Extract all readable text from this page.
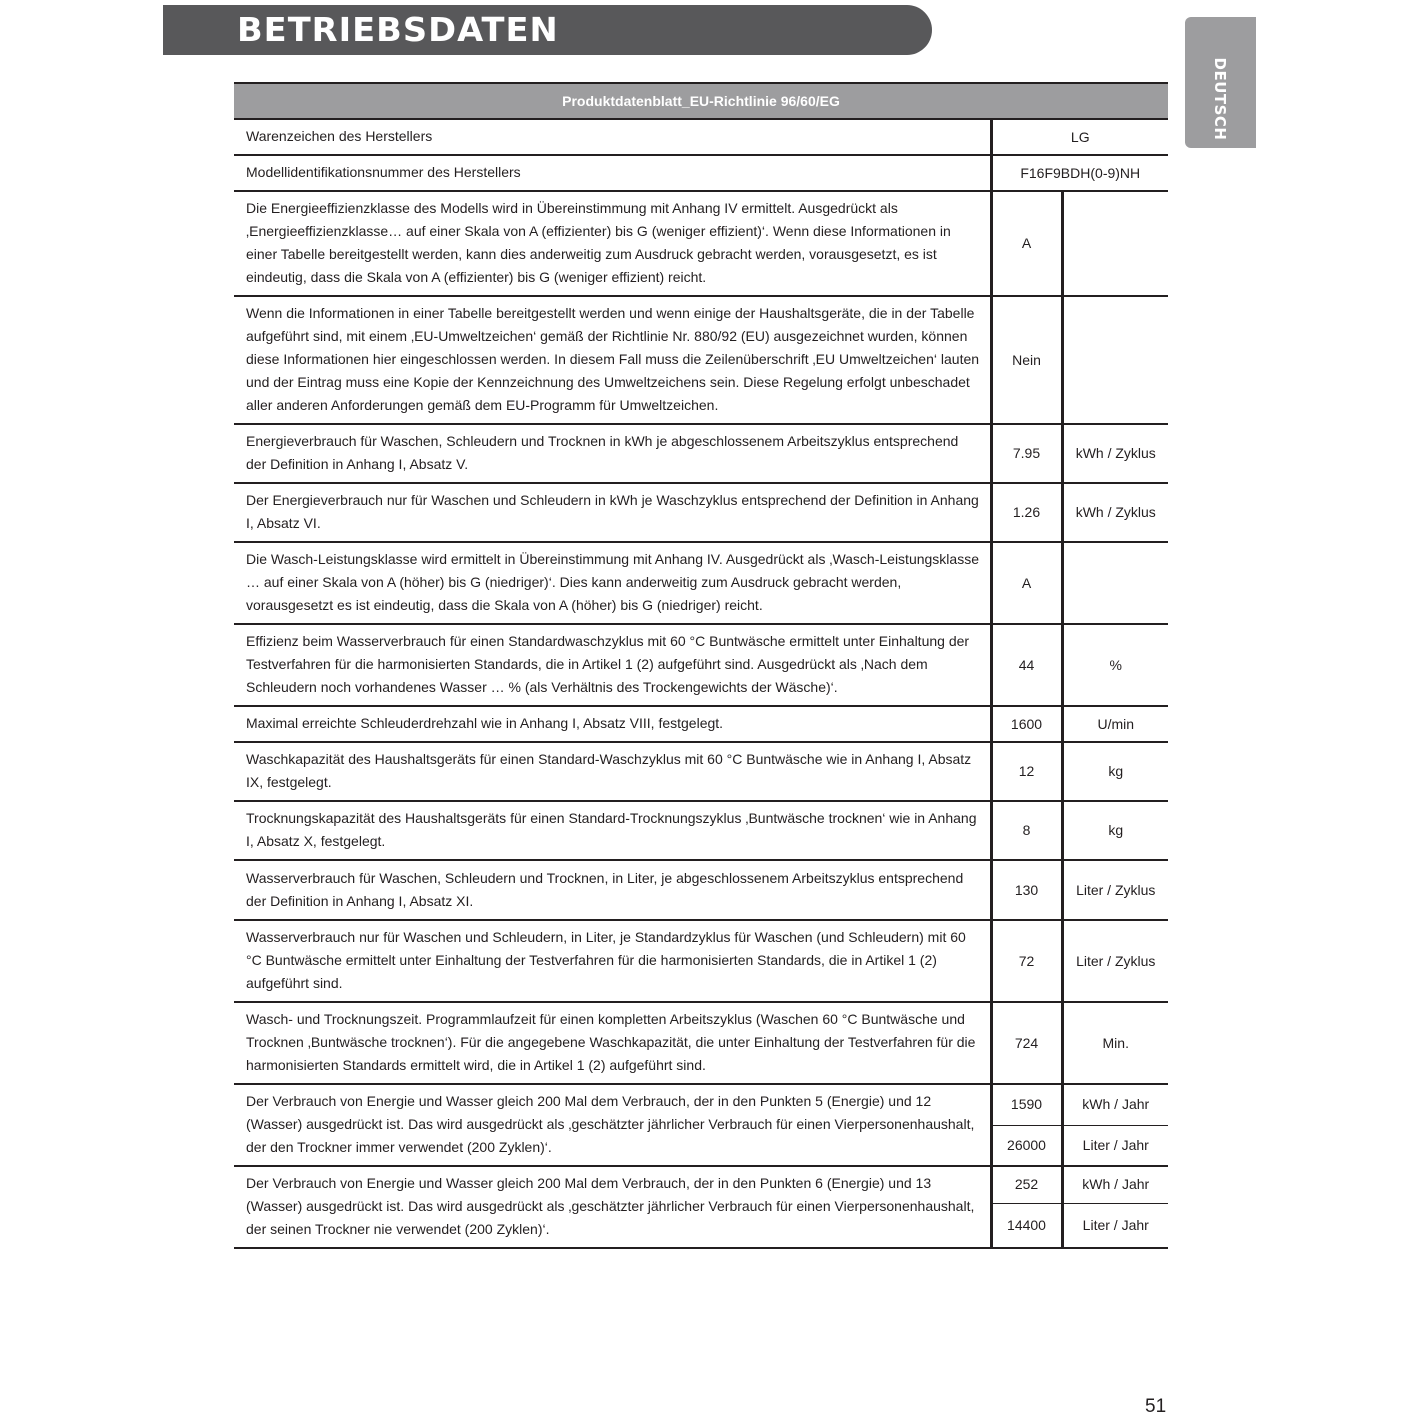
BETRIEBSDATEN
DEUTSCH
Produktdatenblatt_EU-Richtlinie 96/60/EG		
Warenzeichen des Herstellers	LG	
Modellidentifikationsnummer des Herstellers	F16F9BDH(0-9)NH	
Die Energieeffizienzklasse des Modells wird in Übereinstimmung mit Anhang IV ermittelt. Ausgedrückt als ‚Energieeffizienzklasse… auf einer Skala von A (effizienter) bis G (weniger effizient)‘. Wenn diese Informationen in einer Tabelle bereitgestellt werden, kann dies anderweitig zum Ausdruck gebracht werden, vorausgesetzt, es ist eindeutig, dass die Skala von A (effizienter) bis G (weniger effizient) reicht.	A	
Wenn die Informationen in einer Tabelle bereitgestellt werden und wenn einige der Haushaltsgeräte, die in der Tabelle aufgeführt sind, mit einem ‚EU-Umweltzeichen‘ gemäß der Richtlinie Nr. 880/92 (EU) ausgezeichnet wurden, können diese Informationen hier eingeschlossen werden. In diesem Fall muss die Zeilenüberschrift ‚EU Umweltzeichen‘ lauten und der Eintrag muss eine Kopie der Kennzeichnung des Umweltzeichens sein. Diese Regelung erfolgt unbeschadet aller anderen Anforderungen gemäß dem EU-Programm für Umweltzeichen.	Nein	
Energieverbrauch für Waschen, Schleudern und Trocknen in kWh je abgeschlossenem Arbeitszyklus entsprechend der Definition in Anhang I, Absatz V.	7.95	kWh / Zyklus
Der Energieverbrauch nur für Waschen und Schleudern in kWh je Waschzyklus entsprechend der Definition in Anhang I, Absatz VI.	1.26	kWh / Zyklus
Die Wasch-Leistungsklasse wird ermittelt in Übereinstimmung mit Anhang IV. Ausgedrückt als ‚Wasch-Leistungsklasse … auf einer Skala von A (höher) bis G (niedriger)‘. Dies kann anderweitig zum Ausdruck gebracht werden, vorausgesetzt es ist eindeutig, dass die Skala von A (höher) bis G (niedriger) reicht.	A	
Effizienz beim Wasserverbrauch für einen Standardwaschzyklus mit 60 °C Buntwäsche ermittelt unter Einhaltung der Testverfahren für die harmonisierten Standards, die in Artikel 1 (2) aufgeführt sind. Ausgedrückt als ‚Nach dem Schleudern noch vorhandenes Wasser … % (als Verhältnis des Trockengewichts der Wäsche)‘.	44	%
Maximal erreichte Schleuderdrehzahl wie in Anhang I, Absatz VIII, festgelegt.	1600	U/min
Waschkapazität des Haushaltsgeräts für einen Standard-Waschzyklus mit 60 °C Buntwäsche wie in Anhang I, Absatz IX, festgelegt.	12	kg
Trocknungskapazität des Haushaltsgeräts für einen Standard-Trocknungszyklus ‚Buntwäsche trocknen‘ wie in Anhang I, Absatz X, festgelegt.	8	kg
Wasserverbrauch für Waschen, Schleudern und Trocknen, in Liter, je abgeschlossenem Arbeitszyklus entsprechend der Definition in Anhang I, Absatz XI.	130	Liter / Zyklus
Wasserverbrauch nur für Waschen und Schleudern, in Liter, je Standardzyklus für Waschen (und Schleudern) mit 60 °C Buntwäsche ermittelt unter Einhaltung der Testverfahren für die harmonisierten Standards, die in Artikel 1 (2) aufgeführt sind.	72	Liter / Zyklus
Wasch- und Trocknungszeit. Programmlaufzeit für einen kompletten Arbeitszyklus (Waschen 60 °C Buntwäsche und Trocknen ‚Buntwäsche trocknen‘). Für die angegebene Waschkapazität, die unter Einhaltung der Testverfahren für die harmonisierten Standards ermittelt wird, die in Artikel 1 (2) aufgeführt sind.	724	Min.
Der Verbrauch von Energie und Wasser gleich 200 Mal dem Verbrauch, der in den Punkten 5 (Energie) und 12 (Wasser) ausgedrückt ist. Das wird ausgedrückt als ‚geschätzter jährlicher Verbrauch für einen Vierpersonenhaushalt, der den Trockner immer verwendet (200 Zyklen)‘.	1590	kWh / Jahr
	26000	Liter / Jahr
Der Verbrauch von Energie und Wasser gleich 200 Mal dem Verbrauch, der in den Punkten 6 (Energie) und 13 (Wasser) ausgedrückt ist. Das wird ausgedrückt als ‚geschätzter jährlicher Verbrauch für einen Vierpersonenhaushalt, der seinen Trockner nie verwendet (200 Zyklen)‘.	252	kWh / Jahr
	14400	Liter / Jahr
51
